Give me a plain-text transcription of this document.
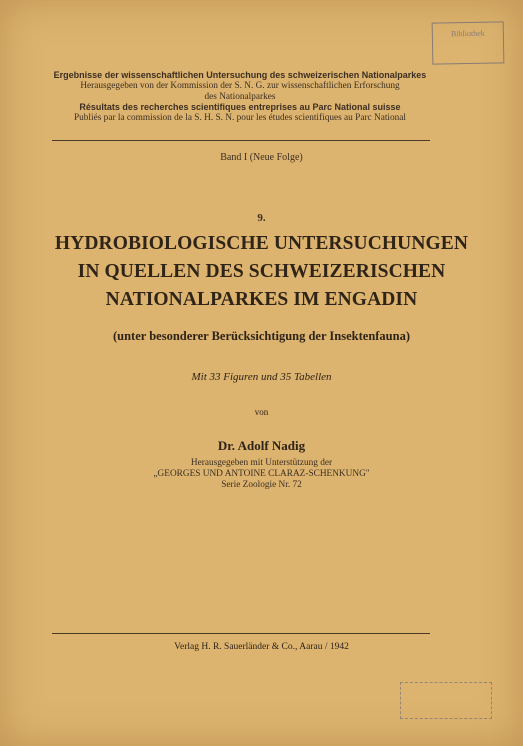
Bibliothek
Ergebnisse der wissenschaftlichen Untersuchung des schweizerischen Nationalparkes
Herausgegeben von der Kommission der S. N. G. zur wissenschaftlichen Erforschung
des Nationalparkes
Résultats des recherches scientifiques entreprises au Parc National suisse
Publiés par la commission de la S. H. S. N. pour les études scientifiques au Parc National
Band I (Neue Folge)
9.
HYDROBIOLOGISCHE UNTERSUCHUNGEN
IN QUELLEN DES SCHWEIZERISCHEN
NATIONALPARKES IM ENGADIN
(unter besonderer Berücksichtigung der Insektenfauna)
Mit 33 Figuren und 35 Tabellen
von
Dr. Adolf Nadig
Herausgegeben mit Unterstützung der
„GEORGES UND ANTOINE CLARAZ-SCHENKUNG"
Serie Zoologie Nr. 72
Verlag H. R. Sauerländer & Co., Aarau / 1942
